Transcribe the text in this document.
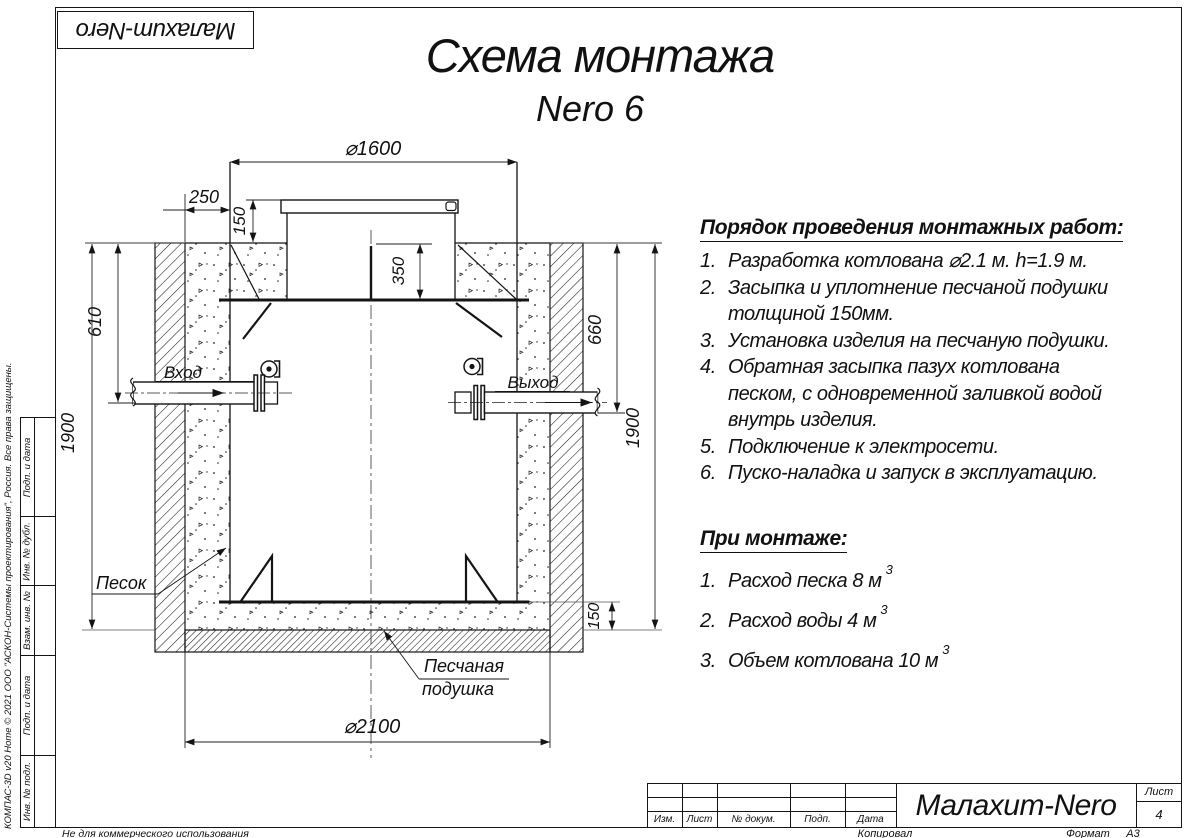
Малахит-Nero	Схема монтажа
Nero 6
Порядок проведения монтажных работ:
1. Разработка котлована ⌀2.1 м. h=1.9 м.
2. Засыпка и уплотнение песчаной подушки толщиной 150мм.
3. Установка изделия на песчаную подушки.
4. Обратная засыпка пазух котлована песком, с одновременной заливкой водой внутрь изделия.
5. Подключение к электросети.
6. Пуско-наладка и запуск в эксплуатацию.
При монтаже:
1. Расход песка 8 м
3
2. Расход воды 4 м
3
3. Объем котлована 10 м
3
Подп. и дата
Инв. № дубл.
Взам. инв. №
Подп. и дата
Инв. № подл.
КОМПАС-3D v20 Home © 2021 ООО "АСКОН-Системы проектирования", Россия. Все права защищены.
Не для коммерческого использования
Изм.	Лист	№ докум.	Подп.	Дата	Малахит-Nero	Лист
4
Копировал	Формат	А3
⌀1600
250
150
350
610
1900
660
1900
150
⌀2100
Песок
Песчаная
подушка
Вход
Выход
